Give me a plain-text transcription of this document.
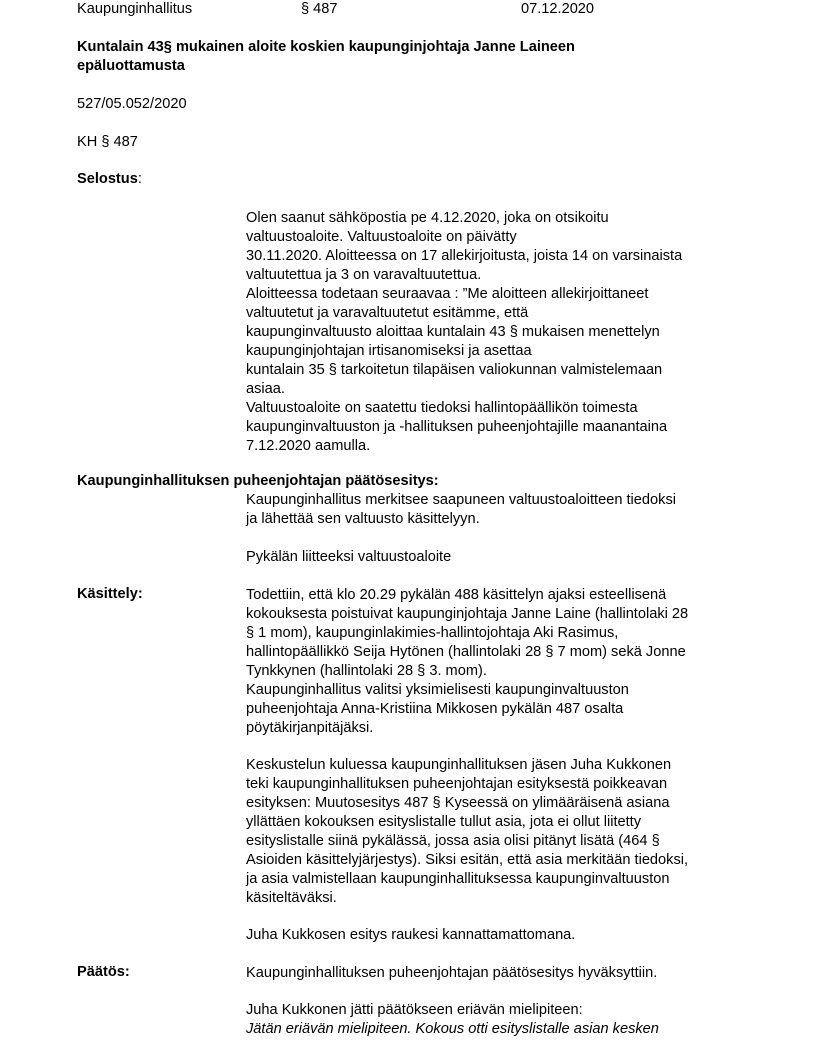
Kaupunginhallitus	§ 487	07.12.2020
Kuntalain 43§ mukainen aloite koskien kaupunginjohtaja Janne Laineen
epäluottamusta
527/05.052/2020
KH § 487
Selostus:
Olen saanut sähköpostia pe 4.12.2020, joka on otsikoitu
valtuustoaloite. Valtuustoaloite on päivätty
30.11.2020. Aloitteessa on 17 allekirjoitusta, joista 14 on varsinaista
valtuutettua ja 3 on varavaltuutettua.
Aloitteessa todetaan seuraavaa : ”Me aloitteen allekirjoittaneet
valtuutetut ja varavaltuutetut esitämme, että
kaupunginvaltuusto aloittaa kuntalain 43 § mukaisen menettelyn
kaupunginjohtajan irtisanomiseksi ja asettaa
kuntalain 35 § tarkoitetun tilapäisen valiokunnan valmistelemaan
asiaa.
Valtuustoaloite on saatettu tiedoksi hallintopäällikön toimesta
kaupunginvaltuuston ja -hallituksen puheenjohtajille maanantaina
7.12.2020 aamulla.
Kaupunginhallituksen puheenjohtajan päätösesitys:
Kaupunginhallitus merkitsee saapuneen valtuustoaloitteen tiedoksi
ja lähettää sen valtuusto käsittelyyn.
Pykälän liitteeksi valtuustoaloite
Käsittely:	Todettiin, että klo 20.29 pykälän 488 käsittelyn ajaksi esteellisenä
kokouksesta poistuivat kaupunginjohtaja Janne Laine (hallintolaki 28
§ 1 mom), kaupunginlakimies-hallintojohtaja Aki Rasimus,
hallintopäällikkö Seija Hytönen (hallintolaki 28 § 7 mom) sekä Jonne
Tynkkynen (hallintolaki 28 § 3. mom).
Kaupunginhallitus valitsi yksimielisesti kaupunginvaltuuston
puheenjohtaja Anna-Kristiina Mikkosen pykälän 487 osalta
pöytäkirjanpitäjäksi.
Keskustelun kuluessa kaupunginhallituksen jäsen Juha Kukkonen
teki kaupunginhallituksen puheenjohtajan esityksestä poikkeavan
esityksen: Muutosesitys 487 § Kyseessä on ylimääräisenä asiana
yllättäen kokouksen esityslistalle tullut asia, jota ei ollut liitetty
esityslistalle siinä pykälässä, jossa asia olisi pitänyt lisätä (464 §
Asioiden käsittelyjärjestys). Siksi esitän, että asia merkitään tiedoksi,
ja asia valmistellaan kaupunginhallituksessa kaupunginvaltuuston
käsiteltäväksi.
Juha Kukkosen esitys raukesi kannattamattomana.
Päätös:	Kaupunginhallituksen puheenjohtajan päätösesitys hyväksyttiin.
Juha Kukkonen jätti päätökseen eriävän mielipiteen:
Jätän eriävän mielipiteen. Kokous otti esityslistalle asian kesken
